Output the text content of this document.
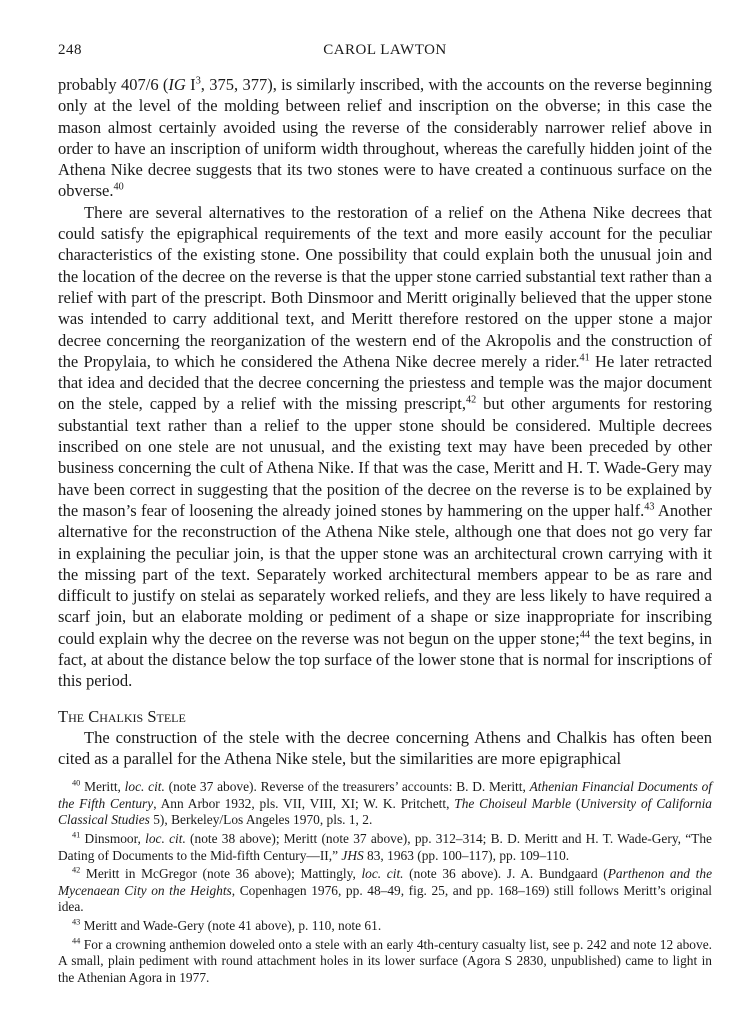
248	CAROL LAWTON

probably 407/6 (IG $I^3$, 375, 377), is similarly inscribed, with the accounts on the reverse beginning only at the level of the molding between relief and inscription on the obverse; in this case the mason almost certainly avoided using the reverse of the considerably narrower relief above in order to have an inscription of uniform width throughout, whereas the carefully hidden joint of the Athena Nike decree suggests that its two stones were to have created a continuous surface on the obverse.$^{40}$

There are several alternatives to the restoration of a relief on the Athena Nike decrees that could satisfy the epigraphical requirements of the text and more easily account for the peculiar characteristics of the existing stone. One possibility that could explain both the unusual join and the location of the decree on the reverse is that the upper stone carried substantial text rather than a relief with part of the prescript. Both Dinsmoor and Meritt originally believed that the upper stone was intended to carry additional text, and Meritt therefore restored on the upper stone a major decree concerning the reorganization of the western end of the Akropolis and the construction of the Propylaia, to which he considered the Athena Nike decree merely a rider.$^{41}$ He later retracted that idea and decided that the decree concerning the priestess and temple was the major document on the stele, capped by a relief with the missing prescript,$^{42}$ but other arguments for restoring substantial text rather than a relief to the upper stone should be considered. Multiple decrees inscribed on one stele are not unusual, and the existing text may have been preceded by other business concerning the cult of Athena Nike. If that was the case, Meritt and H. T. Wade-Gery may have been correct in suggesting that the position of the decree on the reverse is to be explained by the mason’s fear of loosening the already joined stones by hammering on the upper half.$^{43}$ Another alternative for the reconstruction of the Athena Nike stele, although one that does not go very far in explaining the peculiar join, is that the upper stone was an architectural crown carrying with it the missing part of the text. Separately worked architectural members appear to be as rare and difficult to justify on stelai as separately worked reliefs, and they are less likely to have required a scarf join, but an elaborate molding or pediment of a shape or size inappropriate for inscribing could explain why the decree on the reverse was not begun on the upper stone;$^{44}$ the text begins, in fact, at about the distance below the top surface of the lower stone that is normal for inscriptions of this period.

The Chalkis Stele

The construction of the stele with the decree concerning Athens and Chalkis has often been cited as a parallel for the Athena Nike stele, but the similarities are more epigraphical

$^{40}$ Meritt, loc. cit. (note 37 above). Reverse of the treasurers’ accounts: B. D. Meritt, Athenian Financial Documents of the Fifth Century, Ann Arbor 1932, pls. VII, VIII, XI; W. K. Pritchett, The Choiseul Marble (University of California Classical Studies 5), Berkeley/Los Angeles 1970, pls. 1, 2.

$^{41}$ Dinsmoor, loc. cit. (note 38 above); Meritt (note 37 above), pp. 312–314; B. D. Meritt and H. T. Wade-Gery, “The Dating of Documents to the Mid-fifth Century—II,” JHS 83, 1963 (pp. 100–117), pp. 109–110.

$^{42}$ Meritt in McGregor (note 36 above); Mattingly, loc. cit. (note 36 above). J. A. Bundgaard (Parthenon and the Mycenaean City on the Heights, Copenhagen 1976, pp. 48–49, fig. 25, and pp. 168–169) still follows Meritt’s original idea.

$^{43}$ Meritt and Wade-Gery (note 41 above), p. 110, note 61.

$^{44}$ For a crowning anthemion doweled onto a stele with an early 4th-century casualty list, see p. 242 and note 12 above. A small, plain pediment with round attachment holes in its lower surface (Agora S 2830, unpublished) came to light in the Athenian Agora in 1977.
